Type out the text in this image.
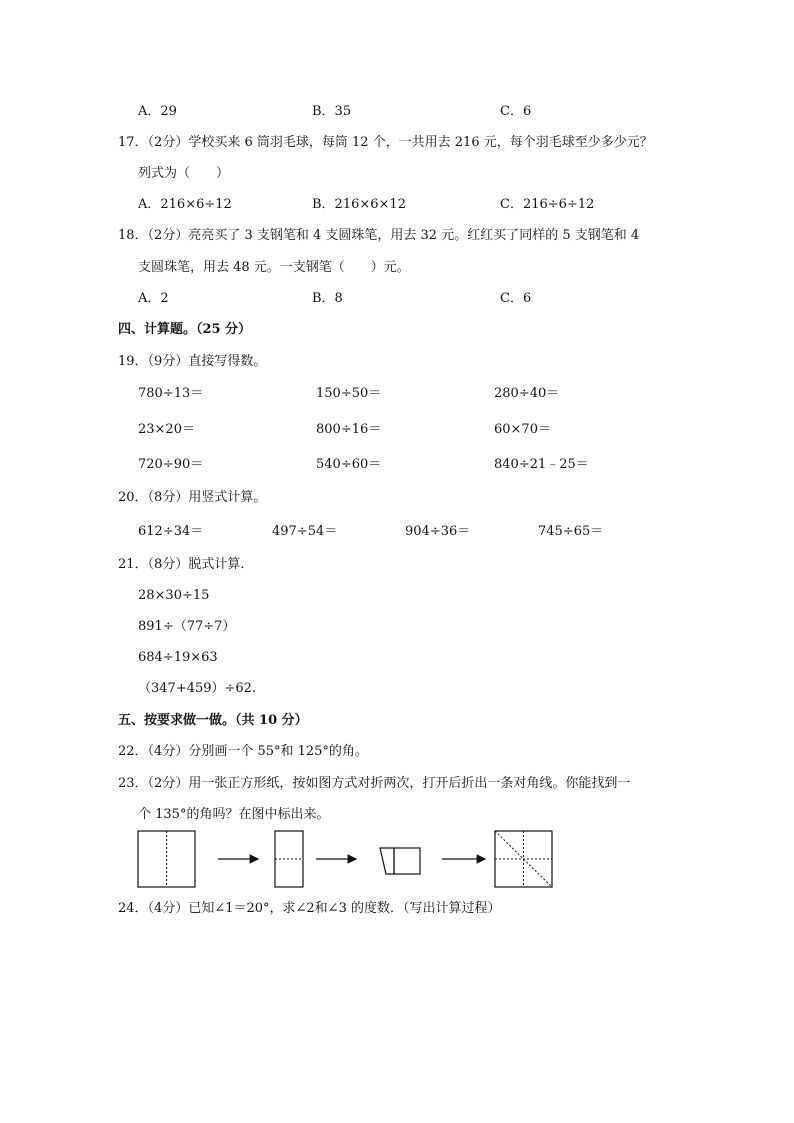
A．29	B．35	C．6
17．（2分）学校买来 6 筒羽毛球，每筒 12 个，一共用去 216 元，每个羽毛球至少多少元？
列式为（　　）
A．216×6÷12	B．216×6×12	C．216÷6÷12
18．（2分）亮亮买了 3 支钢笔和 4 支圆珠笔，用去 32 元。红红买了同样的 5 支钢笔和 4
支圆珠笔，用去 48 元。一支钢笔（　　）元。
A．2	B．8	C．6
四、计算题。（25 分）
19．（9分）直接写得数。
780÷13＝	150÷50＝	280÷40＝
23×20＝	800÷16＝	60×70＝
720÷90＝	540÷60＝	840÷21﹣25＝
20．（8分）用竖式计算。
612÷34＝	497÷54＝	904÷36＝	745÷65＝
21．（8分）脱式计算．
28×30÷15
891÷（77÷7）
684÷19×63
（347+459）÷62.
五、按要求做一做。（共 10 分）
22．（4分）分别画一个 55°和 125°的角。
23．（2分）用一张正方形纸，按如图方式对折两次，打开后折出一条对角线。你能找到一
个 135°的角吗？在图中标出来。
24．（4分）已知∠1＝20°，求∠2和∠3 的度数．（写出计算过程）
